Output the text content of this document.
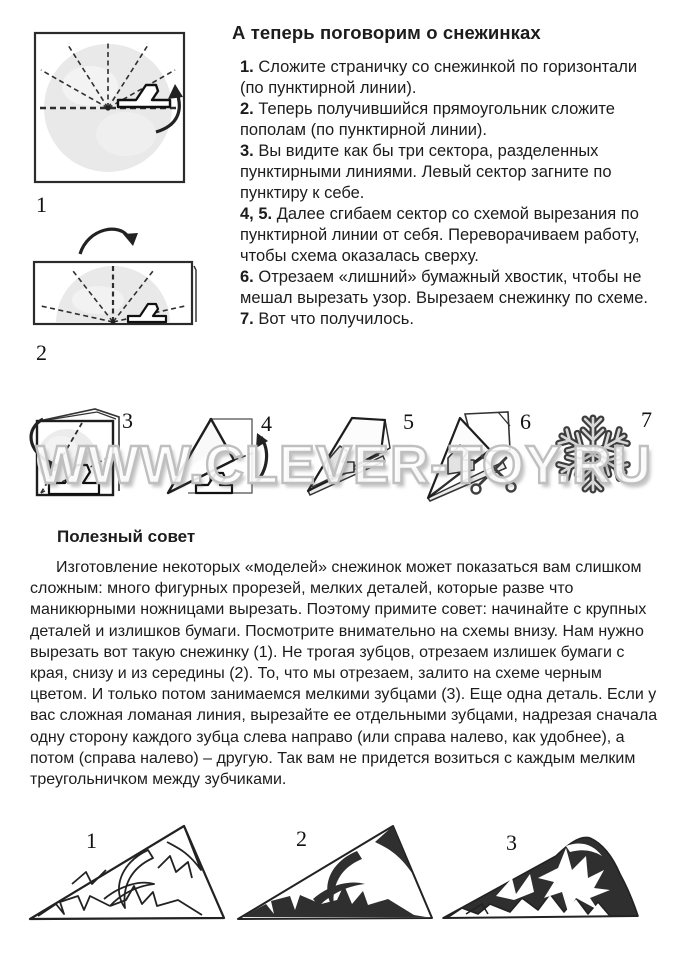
1
2
А теперь поговорим о снежинках
1. Сложите страничку со снежинкой по горизонтали (по пунктирной линии).
2. Теперь получившийся прямоугольник сложите пополам (по пунктирной линии).
3. Вы видите как бы три сектора, разделенных пунктирными линиями. Левый сектор загните по пунктиру к себе.
4, 5. Далее сгибаем сектор со схемой вырезания по пунктирной линии от себя. Переворачиваем работу, чтобы схема оказалась сверху.
6. Отрезаем «лишний» бумажный хвостик, чтобы не мешал вырезать узор. Вырезаем снежинку по схеме.
7. Вот что получилось.
3	4	5	6	7
WWW.CLEVER-TOY.RU
Полезный совет

Изготовление некоторых «моделей» снежинок может показаться вам слишком сложным: много фигурных прорезей, мелких деталей, которые разве что маникюрными ножницами вырезать. Поэтому примите совет: начинайте с крупных деталей и излишков бумаги. Посмотрите внимательно на схемы внизу. Нам нужно вырезать вот такую снежинку (1). Не трогая зубцов, отрезаем излишек бумаги с края, снизу и из середины (2). То, что мы отрезаем, залито на схеме черным цветом. И только потом занимаемся мелкими зубцами (3). Еще одна деталь. Если у вас сложная ломаная линия, вырезайте ее отдельными зубцами, надрезая сначала одну сторону каждого зубца слева направо (или справа налево, как удобнее), а потом (справа налево) – другую. Так вам не придется возиться с каждым мелким треугольничком между зубчиками.

1	2	3
